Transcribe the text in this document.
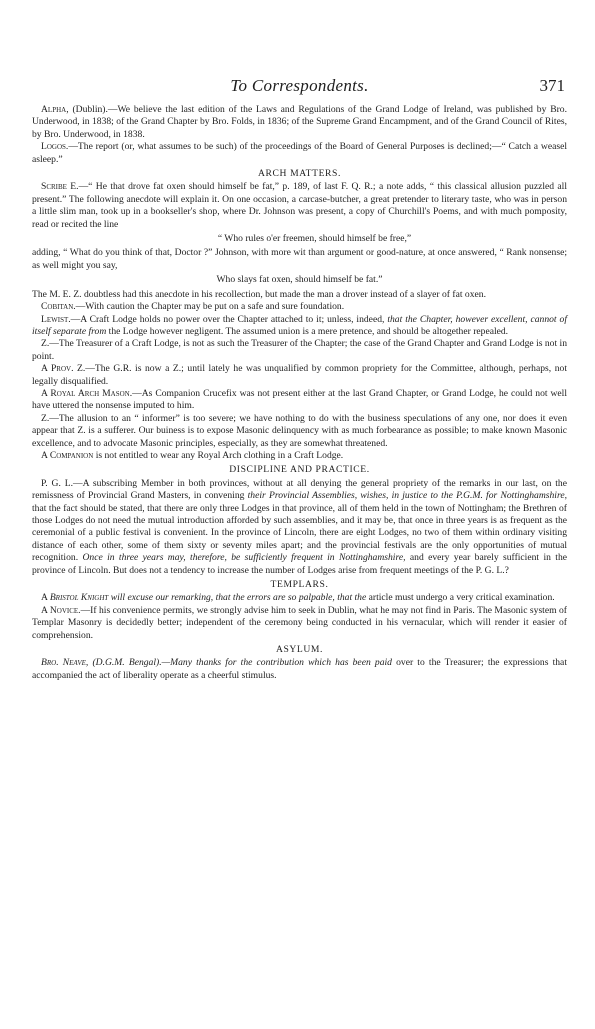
To Correspondents.	371

Alpha, (Dublin).—We believe the last edition of the Laws and Regulations of the Grand Lodge of Ireland, was published by Bro. Underwood, in 1838; of the Grand Chapter by Bro. Folds, in 1836; of the Supreme Grand Encampment, and of the Grand Council of Rites, by Bro. Underwood, in 1838.

Logos.—The report (or, what assumes to be such) of the proceedings of the Board of General Purposes is declined;—“ Catch a weasel asleep.”

ARCH MATTERS.

Scribe E.—“ He that drove fat oxen should himself be fat,” p. 189, of last F. Q. R.; a note adds, “ this classical allusion puzzled all present.” The following anecdote will explain it. On one occasion, a carcase-butcher, a great pretender to literary taste, who was in person a little slim man, took up in a bookseller's shop, where Dr. Johnson was present, a copy of Churchill's Poems, and with much pomposity, read or recited the line

“ Who rules o'er freemen, should himself be free,”

adding, “ What do you think of that, Doctor ?” Johnson, with more wit than argument or good-nature, at once answered, “ Rank nonsense; as well might you say,

Who slays fat oxen, should himself be fat.”

The M. E. Z. doubtless had this anecdote in his recollection, but made the man a drover instead of a slayer of fat oxen.

Cobitan.—With caution the Chapter may be put on a safe and sure foundation.

Lewist.—A Craft Lodge holds no power over the Chapter attached to it; unless, indeed, that the Chapter, however excellent, cannot of itself separate from the Lodge however negligent. The assumed union is a mere pretence, and should be altogether repealed.

Z.—The Treasurer of a Craft Lodge, is not as such the Treasurer of the Chapter; the case of the Grand Chapter and Grand Lodge is not in point.

A Prov. Z.—The G.R. is now a Z.; until lately he was unqualified by common propriety for the Committee, although, perhaps, not legally disqualified.

A Royal Arch Mason.—As Companion Crucefix was not present either at the last Grand Chapter, or Grand Lodge, he could not well have uttered the nonsense imputed to him.

Z.—The allusion to an “ informer” is too severe; we have nothing to do with the business speculations of any one, nor does it even appear that Z. is a sufferer. Our buiness is to expose Masonic delinquency with as much forbearance as possible; to make known Masonic excellence, and to advocate Masonic principles, especially, as they are somewhat threatened.

A Companion is not entitled to wear any Royal Arch clothing in a Craft Lodge.

DISCIPLINE AND PRACTICE.

P. G. L.—A subscribing Member in both provinces, without at all denying the general propriety of the remarks in our last, on the remissness of Provincial Grand Masters, in convening their Provincial Assemblies, wishes, in justice to the P.G.M. for Nottinghamshire, that the fact should be stated, that there are only three Lodges in that province, all of them held in the town of Nottingham; the Brethren of those Lodges do not need the mutual introduction afforded by such assemblies, and it may be, that once in three years is as frequent as the ceremonial of a public festival is convenient. In the province of Lincoln, there are eight Lodges, no two of them within ordinary visiting distance of each other, some of them sixty or seventy miles apart; and the provincial festivals are the only opportunities of mutual recognition. Once in three years may, therefore, be sufficiently frequent in Nottinghamshire, and every year barely sufficient in the province of Lincoln. But does not a tendency to increase the number of Lodges arise from frequent meetings of the P. G. L.?

TEMPLARS.

A Bristol Knight will excuse our remarking, that the errors are so palpable, that the article must undergo a very critical examination.

A Novice.—If his convenience permits, we strongly advise him to seek in Dublin, what he may not find in Paris. The Masonic system of Templar Masonry is decidedly better; independent of the ceremony being conducted in his vernacular, which will render it easier of comprehension.

ASYLUM.

Bro. Neave, (D.G.M. Bengal).—Many thanks for the contribution which has been paid over to the Treasurer; the expressions that accompanied the act of liberality operate as a cheerful stimulus.
